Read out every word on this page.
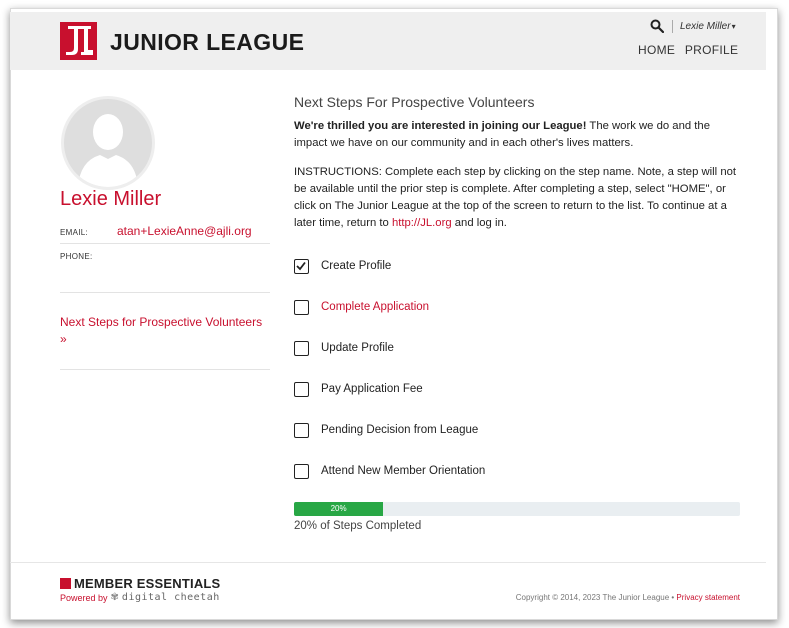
JUNIOR LEAGUE
Lexie Miller▾
HOME PROFILE
Lexie Miller
EMAIL: atan+LexieAnne@ajli.org
PHONE:
Next Steps for Prospective Volunteers »
Next Steps For Prospective Volunteers
We're thrilled you are interested in joining our League! The work we do and the impact we have on our community and in each other's lives matters.
INSTRUCTIONS: Complete each step by clicking on the step name. Note, a step will not be available until the prior step is complete. After completing a step, select "HOME", or click on The Junior League at the top of the screen to return to the list. To continue at a later time, return to http://JL.org and log in.
Create Profile
Complete Application
Update Profile
Pay Application Fee
Pending Decision from League
Attend New Member Orientation
20%
20% of Steps Completed
MEMBER ESSENTIALS
Powered by ✾ digital cheetah	Copyright © 2014, 2023 The Junior League • Privacy statement
